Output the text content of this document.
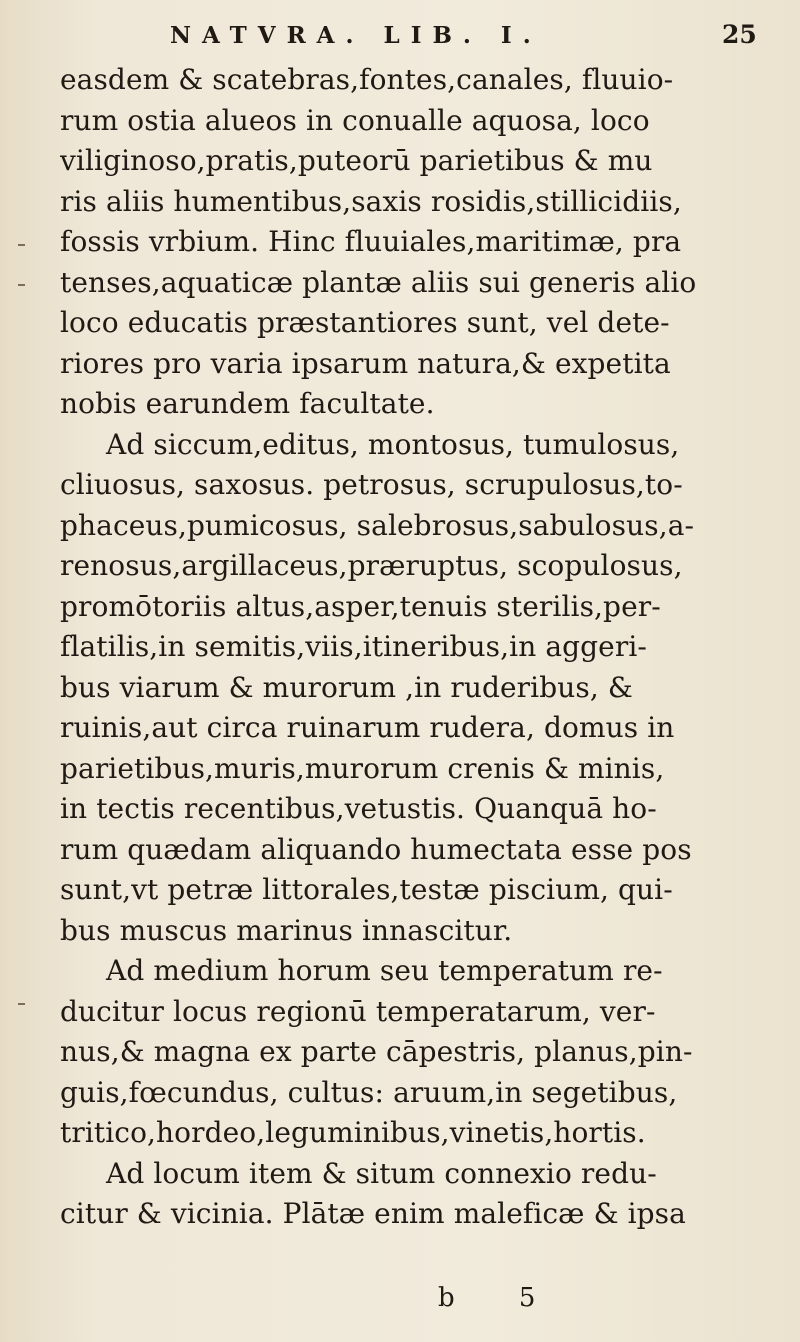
NATVRA. LIB. I.	25
easdem & scatebras,fontes,canales, fluuio-
rum ostia alueos in conualle aquosa, loco
viliginoso,pratis,puteorū parietibus & mu
ris aliis humentibus,saxis rosidis,stillicidiis,
fossis vrbium. Hinc fluuiales,maritimæ, pra
tenses,aquaticæ plantæ aliis sui generis alio
loco educatis præstantiores sunt, vel dete-
riores pro varia ipsarum natura,& expetita
nobis earundem facultate.
Ad siccum,editus, montosus, tumulosus,
cliuosus, saxosus. petrosus, scrupulosus,to-
phaceus,pumicosus, salebrosus,sabulosus,a-
renosus,argillaceus,præruptus, scopulosus,
promōtoriis altus,asper,tenuis sterilis,per-
flatilis,in semitis,viis,itineribus,in aggeri-
bus viarum & murorum ,in ruderibus, &
ruinis,aut circa ruinarum rudera, domus in
parietibus,muris,murorum crenis & minis,
in tectis recentibus,vetustis. Quanquā ho-
rum quædam aliquando humectata esse pos
sunt,vt petræ littorales,testæ piscium, qui-
bus muscus marinus innascitur.
Ad medium horum seu temperatum re-
ducitur locus regionū temperatarum, ver-
nus,& magna ex parte cāpestris, planus,pin-
guis,fœcundus, cultus: aruum,in segetibus,
tritico,hordeo,leguminibus,vinetis,hortis.
Ad locum item & situm connexio redu-
citur & vicinia. Plātæ enim maleficæ & ipsa
b 5
